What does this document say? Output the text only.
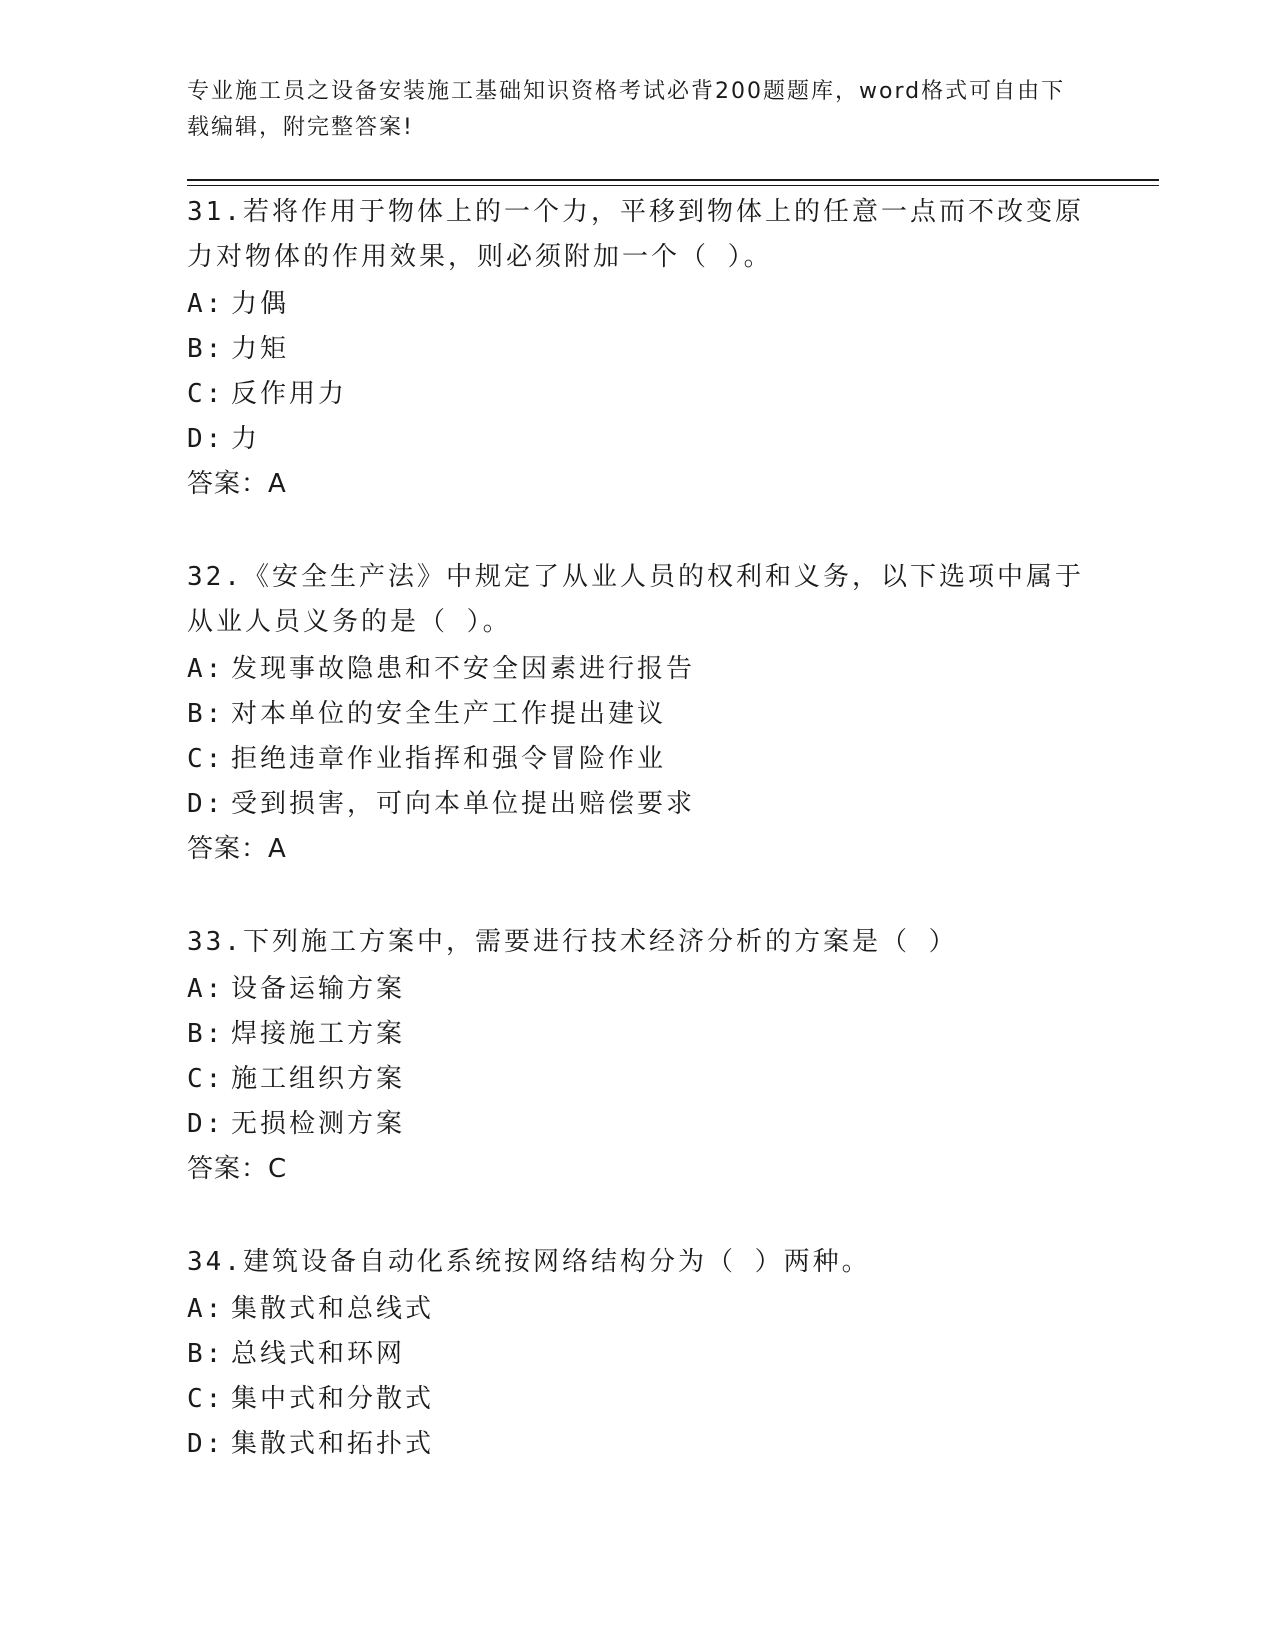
专业施工员之设备安装施工基础知识资格考试必背200题题库，word格式可自由下载编辑，附完整答案!
31.若将作用于物体上的一个力，平移到物体上的任意一点而不改变原力对物体的作用效果，则必须附加一个（ ）。
A: 力偶
B: 力矩
C: 反作用力
D: 力
答案：A
32.《安全生产法》中规定了从业人员的权利和义务，以下选项中属于从业人员义务的是（ ）。
A: 发现事故隐患和不安全因素进行报告
B: 对本单位的安全生产工作提出建议
C: 拒绝违章作业指挥和强令冒险作业
D: 受到损害，可向本单位提出赔偿要求
答案：A
33.下列施工方案中，需要进行技术经济分析的方案是（ ）
A: 设备运输方案
B: 焊接施工方案
C: 施工组织方案
D: 无损检测方案
答案：C
34.建筑设备自动化系统按网络结构分为（ ）两种。
A: 集散式和总线式
B: 总线式和环网
C: 集中式和分散式
D: 集散式和拓扑式
